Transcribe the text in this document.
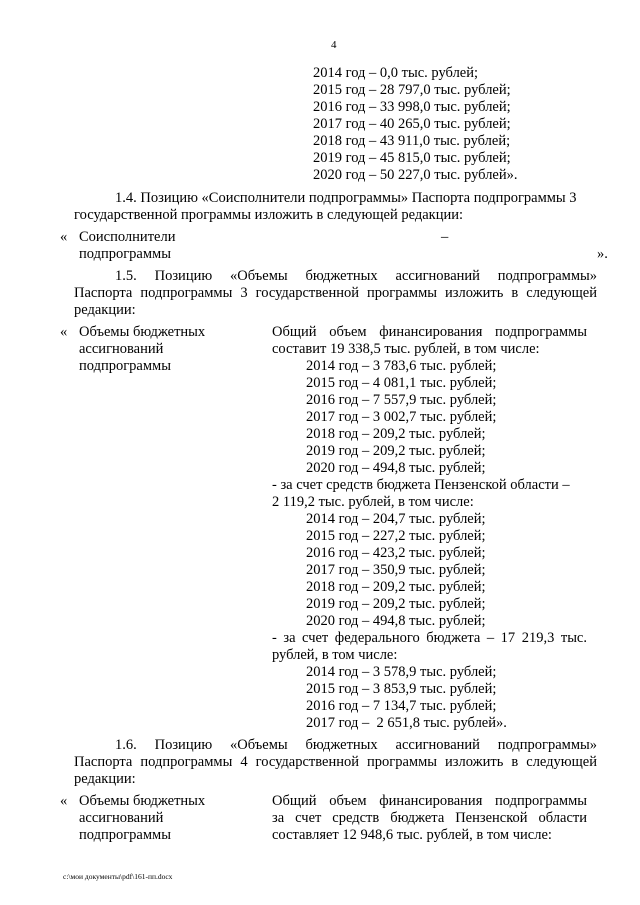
4
2014 год – 0,0 тыс. рублей;
2015 год – 28 797,0 тыс. рублей;
2016 год – 33 998,0 тыс. рублей;
2017 год – 40 265,0 тыс. рублей;
2018 год – 43 911,0 тыс. рублей;
2019 год – 45 815,0 тыс. рублей;
2020 год – 50 227,0 тыс. рублей».
1.4. Позицию «Соисполнители подпрограммы» Паспорта подпрограммы 3
государственной программы изложить в следующей редакции:
« Соисполнители
подпрограммы
–
».
1.5. Позицию «Объемы бюджетных ассигнований подпрограммы»
Паспорта подпрограммы 3 государственной программы изложить в следующей
редакции:
« Объемы бюджетных
ассигнований
подпрограммы
Общий объем финансирования подпрограммы
составит 19 338,5 тыс. рублей, в том числе:
2014 год – 3 783,6 тыс. рублей;
2015 год – 4 081,1 тыс. рублей;
2016 год – 7 557,9 тыс. рублей;
2017 год – 3 002,7 тыс. рублей;
2018 год – 209,2 тыс. рублей;
2019 год – 209,2 тыс. рублей;
2020 год – 494,8 тыс. рублей;
- за счет средств бюджета Пензенской области –
2 119,2 тыс. рублей, в том числе:
2014 год – 204,7 тыс. рублей;
2015 год – 227,2 тыс. рублей;
2016 год – 423,2 тыс. рублей;
2017 год – 350,9 тыс. рублей;
2018 год – 209,2 тыс. рублей;
2019 год – 209,2 тыс. рублей;
2020 год – 494,8 тыс. рублей;
- за счет федерального бюджета – 17 219,3 тыс.
рублей, в том числе:
2014 год – 3 578,9 тыс. рублей;
2015 год – 3 853,9 тыс. рублей;
2016 год – 7 134,7 тыс. рублей;
2017 год –  2 651,8 тыс. рублей».
1.6. Позицию «Объемы бюджетных ассигнований подпрограммы»
Паспорта подпрограммы 4 государственной программы изложить в следующей
редакции:
« Объемы бюджетных
ассигнований
подпрограммы
Общий объем финансирования подпрограммы
за счет средств бюджета Пензенской области
составляет 12 948,6 тыс. рублей, в том числе:
c:\мои документы\pdf\161-пп.docx
